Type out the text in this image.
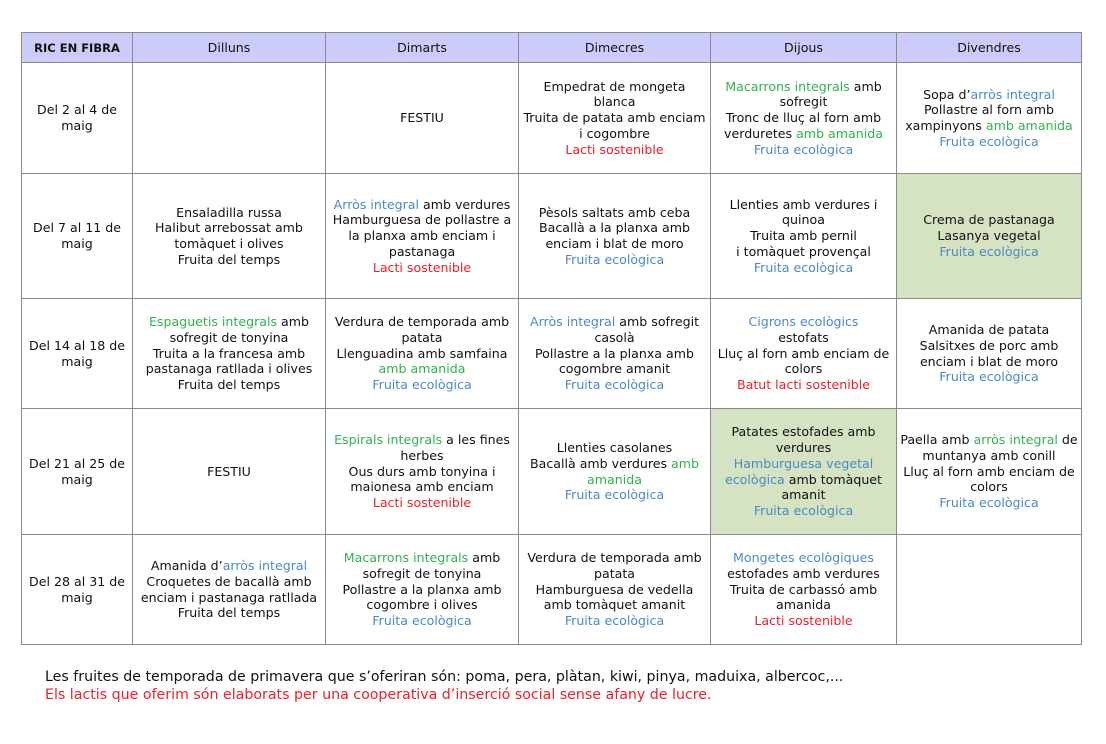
RIC EN FIBRA	Dilluns	Dimarts	Dimecres	Dijous	Divendres
Del 2 al 4 de maig		FESTIU	Empedrat de mongeta blanca
Truita de patata amb enciam i cogombre
Lacti sostenible	Macarrons integrals amb sofregit
Tronc de lluç al forn amb verduretes amb amanida
Fruita ecològica	Sopa d’arròs integral
Pollastre al forn amb xampinyons amb amanida
Fruita ecològica

Del 7 al 11 de maig	Ensaladilla russa
Halibut arrebossat amb tomàquet i olives
Fruita del temps	Arròs integral amb verdures
Hamburguesa de pollastre a la planxa amb enciam i pastanaga
Lacti sostenible	Pèsols saltats amb ceba
Bacallà a la planxa amb enciam i blat de moro
Fruita ecològica	Llenties amb verdures i quinoa
Truita amb pernil
i tomàquet provençal
Fruita ecològica	Crema de pastanaga
Lasanya vegetal
Fruita ecològica

Del 14 al 18 de maig	Espaguetis integrals amb sofregit de tonyina
Truita a la francesa amb pastanaga ratllada i olives
Fruita del temps	Verdura de temporada amb patata
Llenguadina amb samfaina
amb amanida
Fruita ecològica	Arròs integral amb sofregit casolà
Pollastre a la planxa amb cogombre amanit
Fruita ecològica	Cigrons ecològics
estofats
Lluç al forn amb enciam de colors
Batut lacti sostenible	Amanida de patata
Salsitxes de porc amb enciam i blat de moro
Fruita ecològica

Del 21 al 25 de maig	FESTIU	Espirals integrals a les fines herbes
Ous durs amb tonyina i maionesa amb enciam
Lacti sostenible	Llenties casolanes
Bacallà amb verdures amb amanida
Fruita ecològica	Patates estofades amb verdures
Hamburguesa vegetal ecològica amb tomàquet amanit
Fruita ecològica	Paella amb arròs integral de muntanya amb conill
Lluç al forn amb enciam de colors
Fruita ecològica

Del 28 al 31 de maig	Amanida d’arròs integral
Croquetes de bacallà amb enciam i pastanaga ratllada
Fruita del temps	Macarrons integrals amb sofregit de tonyina
Pollastre a la planxa amb cogombre i olives
Fruita ecològica	Verdura de temporada amb patata
Hamburguesa de vedella amb tomàquet amanit
Fruita ecològica	Mongetes ecològiques
estofades amb verdures
Truita de carbassó amb amanida
Lacti sostenible	

Les fruites de temporada de primavera que s’oferiran són: poma, pera, plàtan, kiwi, pinya, maduixa, albercoc,...
Els lactis que oferim són elaborats per una cooperativa d’inserció social sense afany de lucre.
